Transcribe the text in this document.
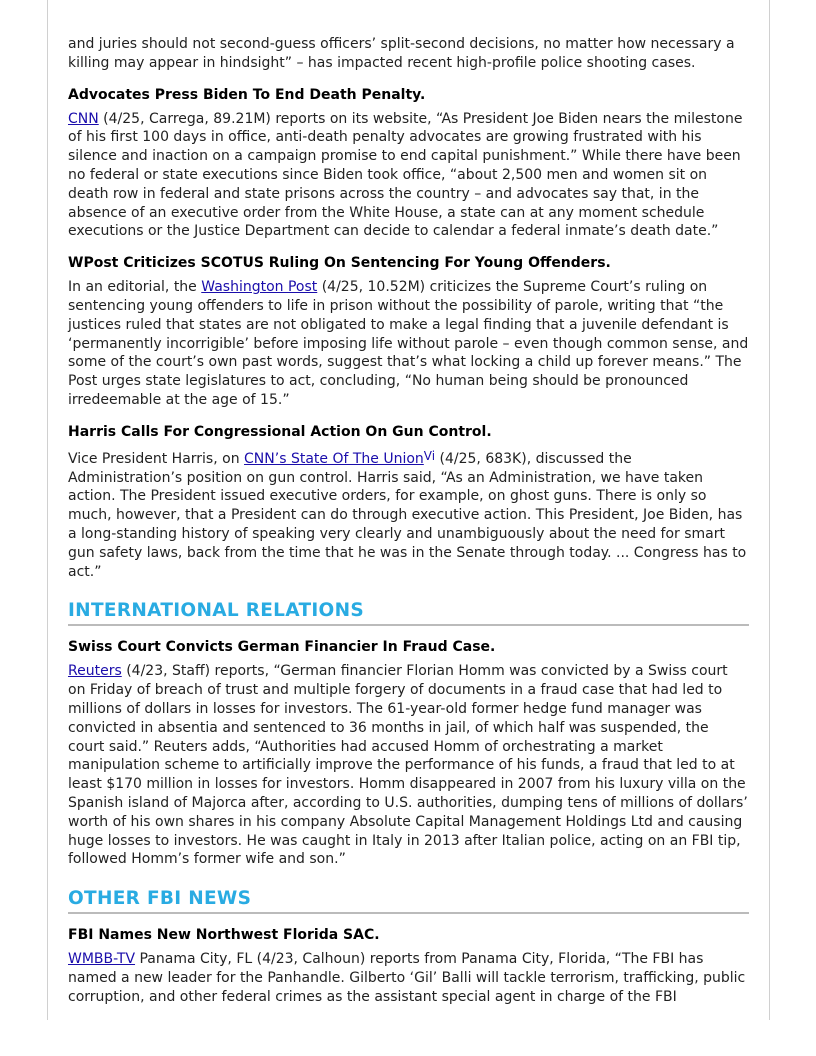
and juries should not second-guess officers’ split-second decisions, no matter how necessary a killing may appear in hindsight” – has impacted recent high-profile police shooting cases.

Advocates Press Biden To End Death Penalty.

CNN (4/25, Carrega, 89.21M) reports on its website, “As President Joe Biden nears the milestone of his first 100 days in office, anti-death penalty advocates are growing frustrated with his silence and inaction on a campaign promise to end capital punishment.” While there have been no federal or state executions since Biden took office, “about 2,500 men and women sit on death row in federal and state prisons across the country – and advocates say that, in the absence of an executive order from the White House, a state can at any moment schedule executions or the Justice Department can decide to calendar a federal inmate’s death date.”

WPost Criticizes SCOTUS Ruling On Sentencing For Young Offenders.

In an editorial, the Washington Post (4/25, 10.52M) criticizes the Supreme Court’s ruling on sentencing young offenders to life in prison without the possibility of parole, writing that “the justices ruled that states are not obligated to make a legal finding that a juvenile defendant is ‘permanently incorrigible’ before imposing life without parole – even though common sense, and some of the court’s own past words, suggest that’s what locking a child up forever means.” The Post urges state legislatures to act, concluding, “No human being should be pronounced irredeemable at the age of 15.”

Harris Calls For Congressional Action On Gun Control.

Vice President Harris, on CNN’s State Of The Union$^{Vi}$ (4/25, 683K), discussed the Administration’s position on gun control. Harris said, “As an Administration, we have taken action. The President issued executive orders, for example, on ghost guns. There is only so much, however, that a President can do through executive action. This President, Joe Biden, has a long-standing history of speaking very clearly and unambiguously about the need for smart gun safety laws, back from the time that he was in the Senate through today. ... Congress has to act.”

INTERNATIONAL RELATIONS
Swiss Court Convicts German Financier In Fraud Case.

Reuters (4/23, Staff) reports, “German financier Florian Homm was convicted by a Swiss court on Friday of breach of trust and multiple forgery of documents in a fraud case that had led to millions of dollars in losses for investors. The 61-year-old former hedge fund manager was convicted in absentia and sentenced to 36 months in jail, of which half was suspended, the court said.” Reuters adds, “Authorities had accused Homm of orchestrating a market manipulation scheme to artificially improve the performance of his funds, a fraud that led to at least $170 million in losses for investors. Homm disappeared in 2007 from his luxury villa on the Spanish island of Majorca after, according to U.S. authorities, dumping tens of millions of dollars’ worth of his own shares in his company Absolute Capital Management Holdings Ltd and causing huge losses to investors. He was caught in Italy in 2013 after Italian police, acting on an FBI tip, followed Homm’s former wife and son.”

OTHER FBI NEWS
FBI Names New Northwest Florida SAC.

WMBB-TV Panama City, FL (4/23, Calhoun) reports from Panama City, Florida, “The FBI has named a new leader for the Panhandle. Gilberto ‘Gil’ Balli will tackle terrorism, trafficking, public corruption, and other federal crimes as the assistant special agent in charge of the FBI
